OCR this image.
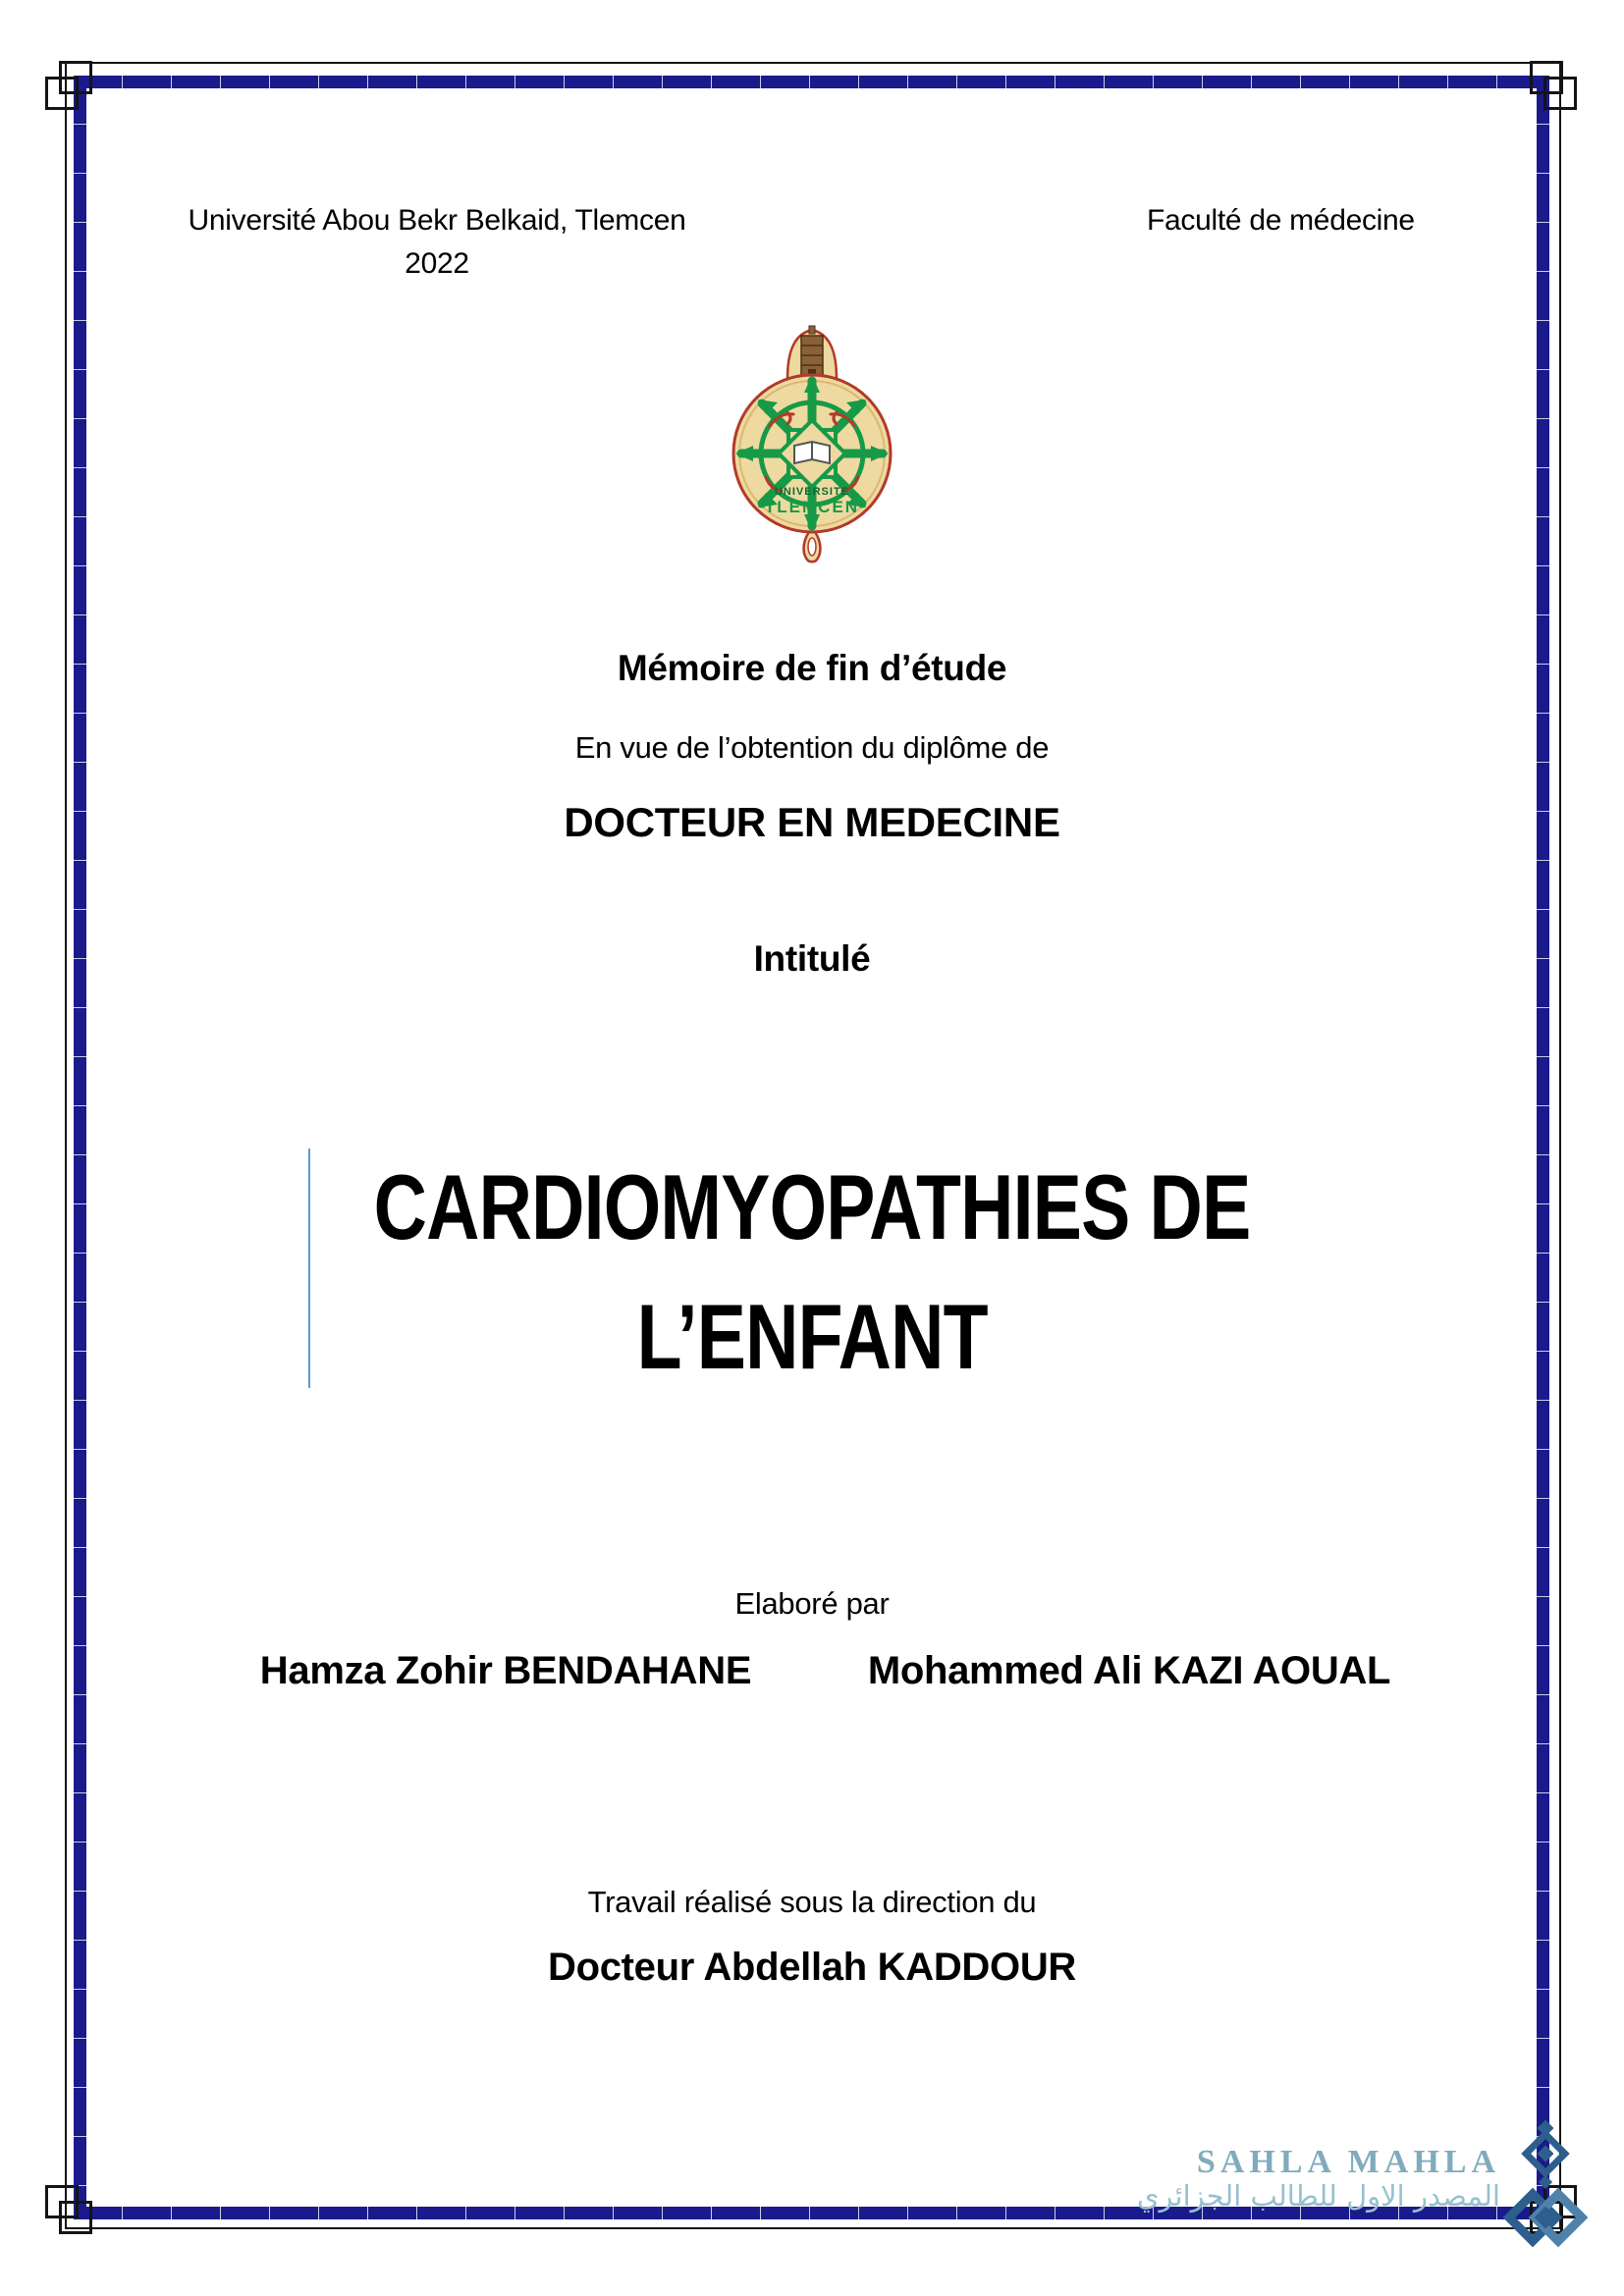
Université Abou Bekr Belkaid, Tlemcen
2022
Faculté de médecine
UNIVERSITE
TLEMCEN
Mémoire de fin d’étude
En vue de l’obtention du diplôme de
DOCTEUR EN MEDECINE
Intitulé
CARDIOMYOPATHIES DE
L’ENFANT
Elaboré par
Hamza Zohir BENDAHANE	Mohammed Ali KAZI AOUAL
Travail réalisé sous la direction du
Docteur Abdellah KADDOUR
SAHLA MAHLA
المصدر الاول للطالب الجزائري
